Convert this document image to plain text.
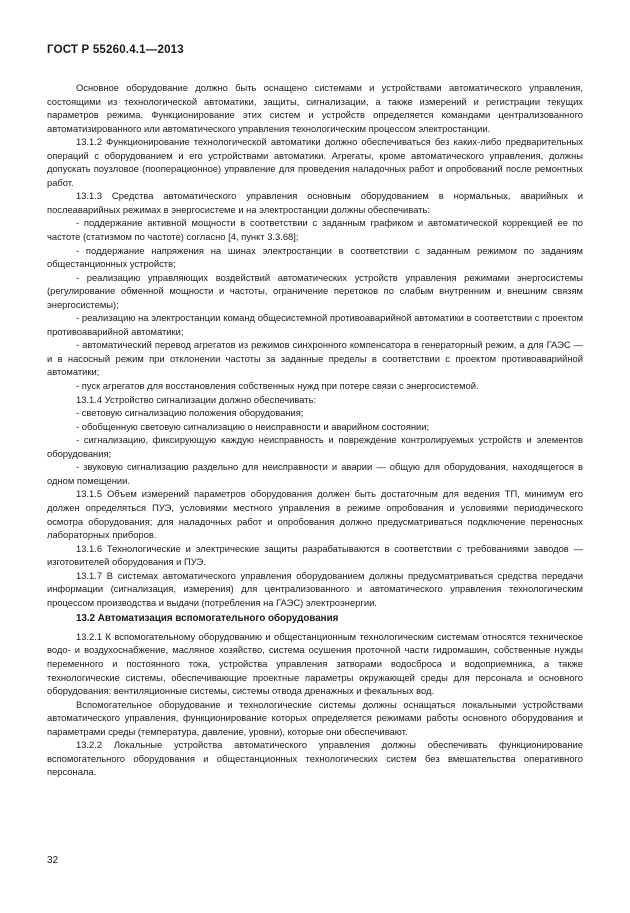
ГОСТ Р 55260.4.1—2013

Основное оборудование должно быть оснащено системами и устройствами автоматического управления, состоящими из технологической автоматики, защиты, сигнализации, а также измерений и регистрации текущих параметров режима. Функционирование этих систем и устройств определяется командами централизованного автоматизированного или автоматического управления технологическим процессом электростанции.

13.1.2 Функционирование технологической автоматики должно обеспечиваться без каких-либо предварительных операций с оборудованием и его устройствами автоматики. Агрегаты, кроме автоматического управления, должны допускать поузловое (пооперационное) управление для проведения наладочных работ и опробований после ремонтных работ.

13.1.3 Средства автоматического управления основным оборудованием в нормальных, аварийных и послеаварийных режимах в энергосистеме и на электростанции должны обеспечивать:

- поддержание активной мощности в соответствии с заданным графиком и автоматической коррекцией ее по частоте (статизмом по частоте) согласно [4, пункт 3.3.68];

- поддержание напряжения на шинах электростанции в соответствии с заданным режимом по заданиям общестанционных устройств;

- реализацию управляющих воздействий автоматических устройств управления режимами энергосистемы (регулирование обменной мощности и частоты, ограничение перетоков по слабым внутренним и внешним связям энергосистемы);

- реализацию на электростанции команд общесистемной противоаварийной автоматики в соответствии с проектом противоаварийной автоматики;

- автоматический перевод агрегатов из режимов синхронного компенсатора в генераторный режим, а для ГАЭС — и в насосный режим при отклонении частоты за заданные пределы в соответствии с проектом противоаварийной автоматики;

- пуск агрегатов для восстановления собственных нужд при потере связи с энергосистемой.

13.1.4 Устройство сигнализации должно обеспечивать:

- световую сигнализацию положения оборудования;

- обобщенную световую сигнализацию о неисправности и аварийном состоянии;

- сигнализацию, фиксирующую каждую неисправность и повреждение контролируемых устройств и элементов оборудования;

- звуковую сигнализацию раздельно для неисправности и аварии — общую для оборудования, находящегося в одном помещении.

13.1.5 Объем измерений параметров оборудования должен быть достаточным для ведения ТП, минимум его должен определяться ПУЭ, условиями местного управления в режиме опробования и условиями периодического осмотра оборудования; для наладочных работ и опробования должно предусматриваться подключение переносных лабораторных приборов.

13.1.6 Технологические и электрические защиты разрабатываются в соответствии с требованиями заводов — изготовителей оборудования и ПУЭ.

13.1.7 В системах автоматического управления оборудованием должны предусматриваться средства передачи информации (сигнализация, измерения) для централизованного и автоматического управления технологическим процессом производства и выдачи (потребления на ГАЭС) электроэнергии.

13.2 Автоматизация вспомогательного оборудования

13.2.1 К вспомогательному оборудованию и общестанционным технологическим системам относятся техническое водо- и воздухоснабжение, масляное хозяйство, система осушения проточной части гидромашин, собственные нужды переменного и постоянного тока, устройства управления затворами водосброса и водоприемника, а также технологические системы, обеспечивающие проектные параметры окружающей среды для персонала и основного оборудования: вентиляционные системы, системы отвода дренажных и фекальных вод.

Вспомогательное оборудование и технологические системы должны оснащаться локальными устройствами автоматического управления, функционирование которых определяется режимами работы основного оборудования и параметрами среды (температура, давление, уровни), которые они обеспечивают.

13.2.2 Локальные устройства автоматического управления должны обеспечивать функционирование вспомогательного оборудования и общестанционных технологических систем без вмешательства оперативного персонала.

32
